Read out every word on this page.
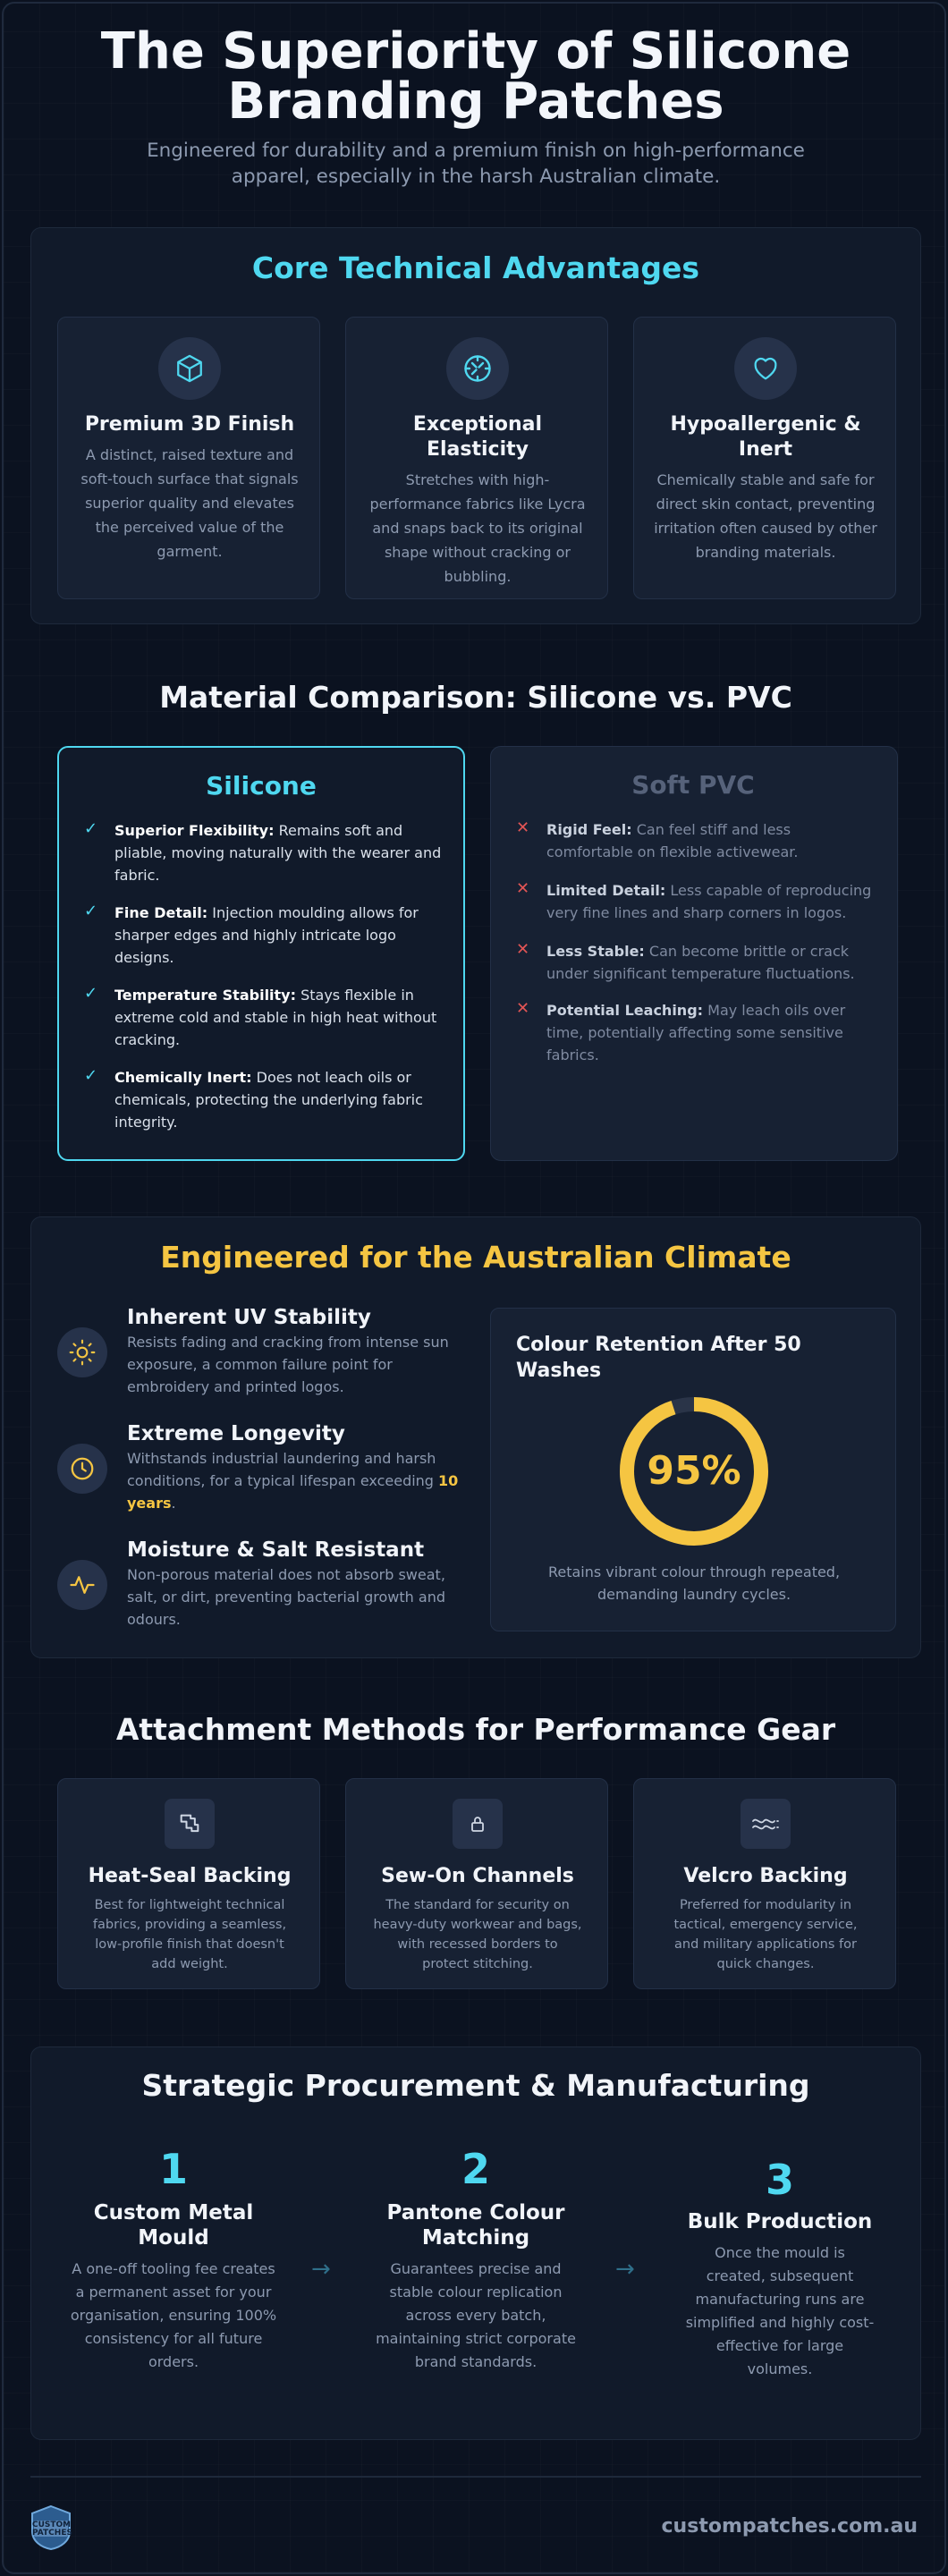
The Superiority of Silicone Branding Patches
Engineered for durability and a premium finish on high-performance apparel, especially in the harsh Australian climate.
Core Technical Advantages
Premium 3D Finish
A distinct, raised texture and soft-touch surface that signals superior quality and elevates the perceived value of the garment.
Exceptional Elasticity
Stretches with high-performance fabrics like Lycra and snaps back to its original shape without cracking or bubbling.
Hypoallergenic & Inert
Chemically stable and safe for direct skin contact, preventing irritation often caused by other branding materials.
Material Comparison: Silicone vs. PVC
Silicone
✓ Superior Flexibility: Remains soft and pliable, moving naturally with the wearer and fabric.
✓ Fine Detail: Injection moulding allows for sharper edges and highly intricate logo designs.
✓ Temperature Stability: Stays flexible in extreme cold and stable in high heat without cracking.
✓ Chemically Inert: Does not leach oils or chemicals, protecting the underlying fabric integrity.
Soft PVC
✕ Rigid Feel: Can feel stiff and less comfortable on flexible activewear.
✕ Limited Detail: Less capable of reproducing very fine lines and sharp corners in logos.
✕ Less Stable: Can become brittle or crack under significant temperature fluctuations.
✕ Potential Leaching: May leach oils over time, potentially affecting some sensitive fabrics.
Engineered for the Australian Climate
Inherent UV Stability
Resists fading and cracking from intense sun exposure, a common failure point for embroidery and printed logos.
Extreme Longevity
Withstands industrial laundering and harsh conditions, for a typical lifespan exceeding 10 years.
Moisture & Salt Resistant
Non-porous material does not absorb sweat, salt, or dirt, preventing bacterial growth and odours.
Colour Retention After 50 Washes
95%
Retains vibrant colour through repeated, demanding laundry cycles.
Attachment Methods for Performance Gear
Heat-Seal Backing
Best for lightweight technical fabrics, providing a seamless, low-profile finish that doesn't add weight.
Sew-On Channels
The standard for security on heavy-duty workwear and bags, with recessed borders to protect stitching.
Velcro Backing
Preferred for modularity in tactical, emergency service, and military applications for quick changes.
Strategic Procurement & Manufacturing
1
Custom Metal Mould
A one-off tooling fee creates a permanent asset for your organisation, ensuring 100% consistency for all future orders.
→
2
Pantone Colour Matching
Guarantees precise and stable colour replication across every batch, maintaining strict corporate brand standards.
→
3
Bulk Production
Once the mould is created, subsequent manufacturing runs are simplified and highly cost-effective for large volumes.
CUSTOM PATCHES	custompatches.com.au
